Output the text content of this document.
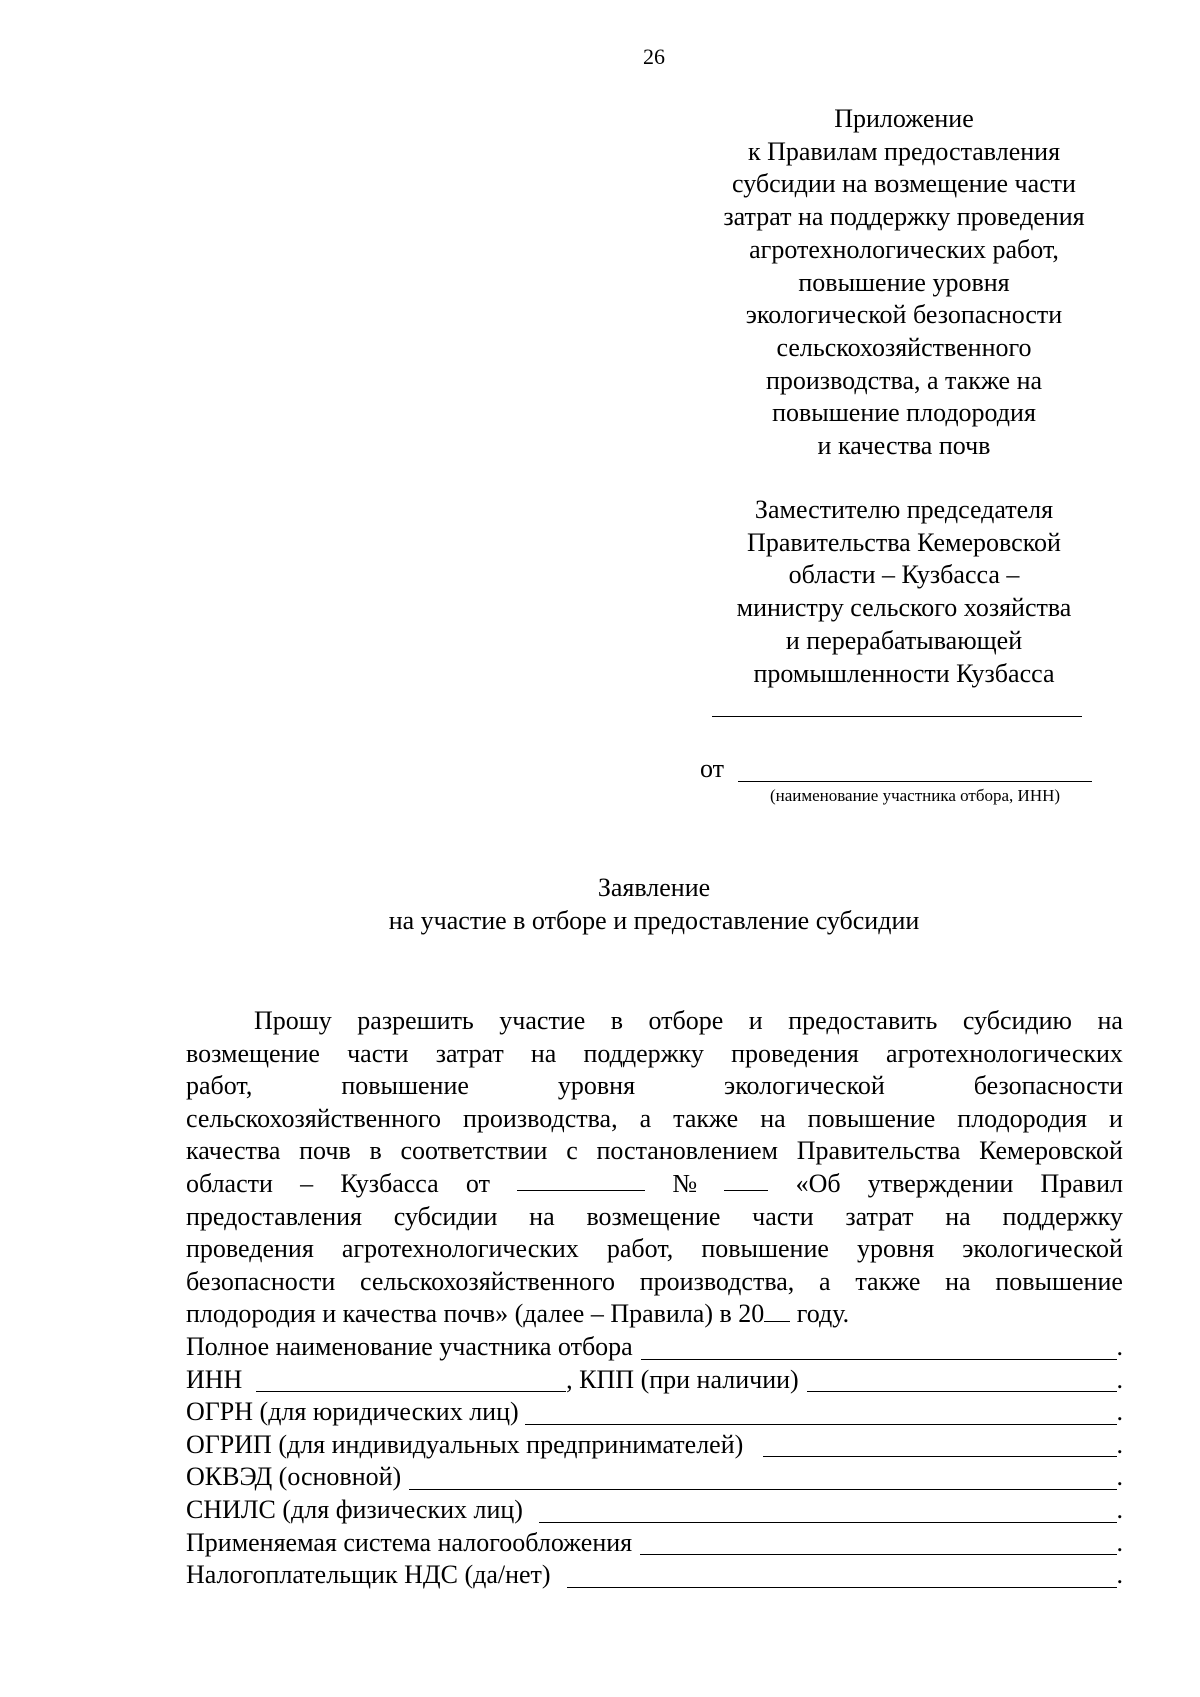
26
Приложение
к Правилам предоставления
субсидии на возмещение части
затрат на поддержку проведения
агротехнологических работ,
повышение уровня
экологической безопасности
сельскохозяйственного
производства, а также на
повышение плодородия
и качества почв
Заместителю председателя
Правительства Кемеровской
области – Кузбасса –
министру сельского хозяйства
и перерабатывающей
промышленности Кузбасса
от
(наименование участника отбора, ИНН)
Заявление
на участие в отборе и предоставление субсидии
Прошу разрешить участие в отборе и предоставить субсидию на
возмещение части затрат на поддержку проведения агротехнологических
работ,	повышение	уровня	экологической	безопасности
сельскохозяйственного производства, а также на повышение плодородия и
качества почв в соответствии с постановлением Правительства Кемеровской
области – Кузбасса от	№	«Об утверждении Правил
предоставления субсидии на возмещение части затрат на поддержку
проведения агротехнологических работ, повышение уровня экологической
безопасности сельскохозяйственного производства, а также на повышение
плодородия и качества почв» (далее – Правила) в 20 году.
Полное наименование участника отбора	.
ИНН	, КПП (при наличии)	.
ОГРН (для юридических лиц)	.
ОГРИП (для индивидуальных предпринимателей)	.
ОКВЭД (основной)	.
СНИЛС (для физических лиц)	.
Применяемая система налогообложения	.
Налогоплательщик НДС (да/нет)	.
